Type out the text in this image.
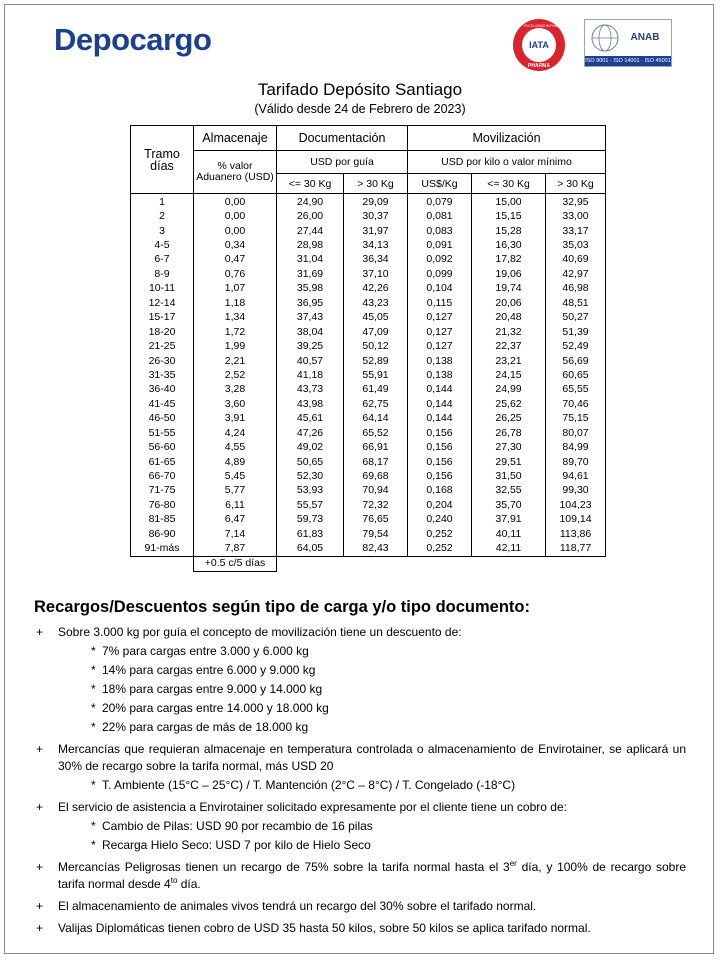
Depocargo	IATA
PHARMA
CEIV · EXCELLENCE IN PHARMA
ANAB
ISO 9001 · ISO 14001 · ISO 45001
Tarifado Depósito Santiago
(Válido desde 24 de Febrero de 2023)
Tramo días	Almacenaje	Documentación		Movilización		
	% valor Aduanero (USD)	USD por guía		USD por kilo o valor mínimo		
		<= 30 Kg	> 30 Kg	US$/Kg	<= 30 Kg	> 30 Kg
1	0,00	24,90	29,09	0,079	15,00	32,95
2	0,00	26,00	30,37	0,081	15,15	33,00
3	0,00	27,44	31,97	0,083	15,28	33,17
4-5	0,34	28,98	34,13	0,091	16,30	35,03
6-7	0,47	31,04	36,34	0,092	17,82	40,69
8-9	0,76	31,69	37,10	0,099	19,06	42,97
10-11	1,07	35,98	42,26	0,104	19,74	46,98
12-14	1,18	36,95	43,23	0,115	20,06	48,51
15-17	1,34	37,43	45,05	0,127	20,48	50,27
18-20	1,72	38,04	47,09	0,127	21,32	51,39
21-25	1,99	39,25	50,12	0,127	22,37	52,49
26-30	2,21	40,57	52,89	0,138	23,21	56,69
31-35	2,52	41,18	55,91	0,138	24,15	60,65
36-40	3,28	43,73	61,49	0,144	24,99	65,55
41-45	3,60	43,98	62,75	0,144	25,62	70,46
46-50	3,91	45,61	64,14	0,144	26,25	75,15
51-55	4,24	47,26	65,52	0,156	26,78	80,07
56-60	4,55	49,02	66,91	0,156	27,30	84,99
61-65	4,89	50,65	68,17	0,156	29,51	89,70
66-70	5,45	52,30	69,68	0,156	31,50	94,61
71-75	5,77	53,93	70,94	0,168	32,55	99,30
76-80	6,11	55,57	72,32	0,204	35,70	104,23
81-85	6,47	59,73	76,65	0,240	37,91	109,14
86-90	7,14	61,83	79,54	0,252	40,11	113,86
91-más	7,87	64,05	82,43	0,252	42,11	118,77
	+0.5 c/5 días					
Recargos/Descuentos según tipo de carga y/o tipo documento:
+ Sobre 3.000 kg por guía el concepto de movilización tiene un descuento de:
* 7% para cargas entre 3.000 y 6.000 kg
* 14% para cargas entre 6.000 y 9.000 kg
* 18% para cargas entre 9.000 y 14.000 kg
* 20% para cargas entre 14.000 y 18.000 kg
* 22% para cargas de más de 18.000 kg
+ Mercancías que requieran almacenaje en temperatura controlada o almacenamiento de Envirotainer, se aplicará un 30% de recargo sobre la tarifa normal, más USD 20
* T. Ambiente (15°C – 25°C) / T. Mantención (2°C – 8°C) / T. Congelado (-18°C)
+ El servicio de asistencia a Envirotainer solicitado expresamente por el cliente tiene un cobro de:
* Cambio de Pilas: USD 90 por recambio de 16 pilas
* Recarga Hielo Seco: USD 7 por kilo de Hielo Seco
+ Mercancías Peligrosas tienen un recargo de 75% sobre la tarifa normal hasta el 3er día, y 100% de recargo sobre tarifa normal desde $4^{to}$ día.
+ El almacenamiento de animales vivos tendrá un recargo del 30% sobre el tarifado normal.
+ Valijas Diplomáticas tienen cobro de USD 35 hasta 50 kilos, sobre 50 kilos se aplica tarifado normal.
